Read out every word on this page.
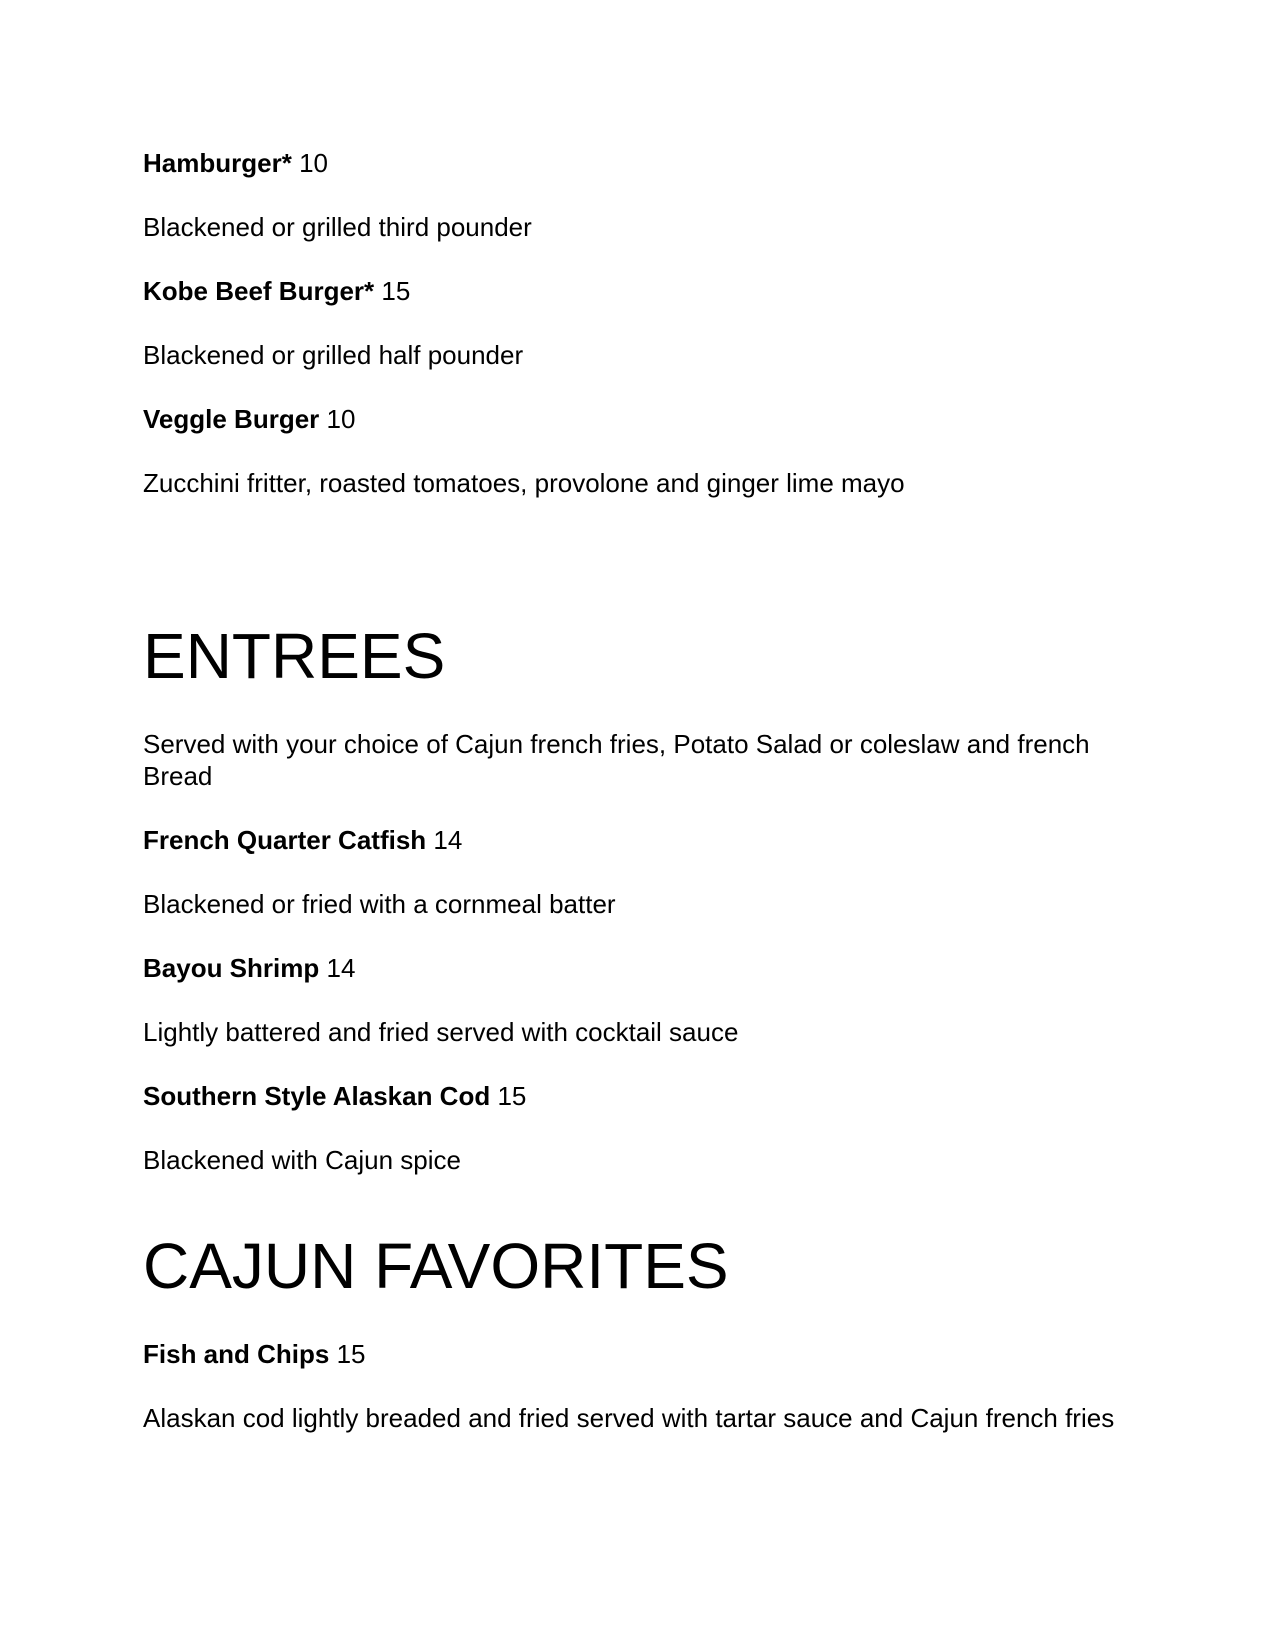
Hamburger* 10

Blackened or grilled third pounder

Kobe Beef Burger* 15

Blackened or grilled half pounder

Veggle Burger 10

Zucchini fritter, roasted tomatoes, provolone and ginger lime mayo

ENTREES

Served with your choice of Cajun french fries, Potato Salad or coleslaw and french Bread

French Quarter Catfish 14

Blackened or fried with a cornmeal batter

Bayou Shrimp 14

Lightly battered and fried served with cocktail sauce

Southern Style Alaskan Cod 15

Blackened with Cajun spice

CAJUN FAVORITES

Fish and Chips 15

Alaskan cod lightly breaded and fried served with tartar sauce and Cajun french fries
